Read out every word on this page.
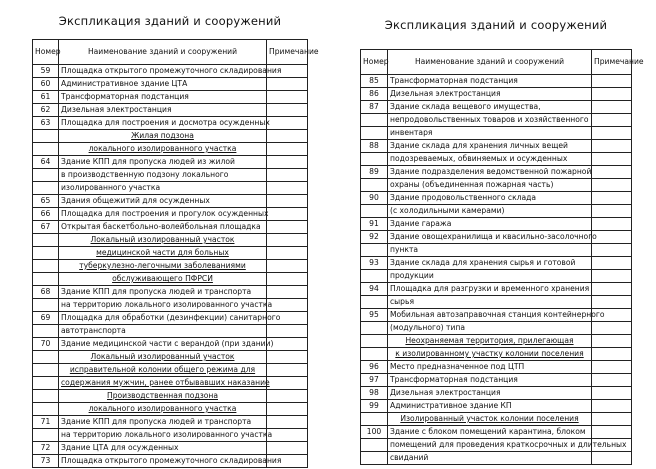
Экспликация зданий и сооружений
Номер	Наименование зданий и сооружений	Примечание
59	Площадка открытого промежуточного складирования	
60	Административное здание ЦТА	
61	Трансформаторная подстанция	
62	Дизельная электростанция	
63	Площадка для построения и досмотра осужденных	
	Жилая подзона	
	локального изолированного участка	
64	Здание КПП для пропуска людей из жилой	
	в производственную подзону локального	
	изолированного участка	
65	Здания общежитий для осужденных	
66	Площадка для построения и прогулок осужденных	
67	Открытая баскетбольно-волейбольная площадка	
	Локальный изолированный участок	
	медицинской части для больных	
	туберкулезно-легочными заболеваниями	
	обслуживающего ПФРСИ	
68	Здание КПП для пропуска людей и транспорта	
	на территорию локального изолированного участка	
69	Площадка для обработки (дезинфекции) санитарного	
	автотранспорта	
70	Здание медицинской части с верандой (при здании)	
	Локальный изолированный участок	
	исправительной колонии общего режима для	
	содержания мужчин, ранее отбывавших наказание	
	Производственная подзона	
	локального изолированного участка	
71	Здание КПП для пропуска людей и транспорта	
	на территорию локального изолированного участка	
72	Здание ЦТА для осужденных	
73	Площадка открытого промежуточного складирования	
Экспликация зданий и сооружений
Номер	Наименование зданий и сооружений	Примечание
85	Трансформаторная подстанция	
86	Дизельная электростанция	
87	Здание склада вещевого имущества,	
	непродовольственных товаров и хозяйственного	
	инвентаря	
88	Здание склада для хранения личных вещей	
	подозреваемых, обвиняемых и осужденных	
89	Здание подразделения ведомственной пожарной	
	охраны (объединенная пожарная часть)	
90	Здание продовольственного склада	
	(с холодильными камерами)	
91	Здание гаража	
92	Здание овощехранилища и квасильно-засолочного	
	пункта	
93	Здание склада для хранения сырья и готовой	
	продукции	
94	Площадка для разгрузки и временного хранения	
	сырья	
95	Мобильная автозаправочная станция контейнерного	
	(модульного) типа	
	Неохраняемая территория, прилегающая	
	к изолированному участку колонии поселения	
96	Место предназначенное под ЦТП	
97	Трансформаторная подстанция	
98	Дизельная электростанция	
99	Административное здание КП	
	Изолированный участок колонии поселения	
100	Здание с блоком помещений карантина, блоком	
	помещений для проведения краткосрочных и длительных	
	свиданий	
